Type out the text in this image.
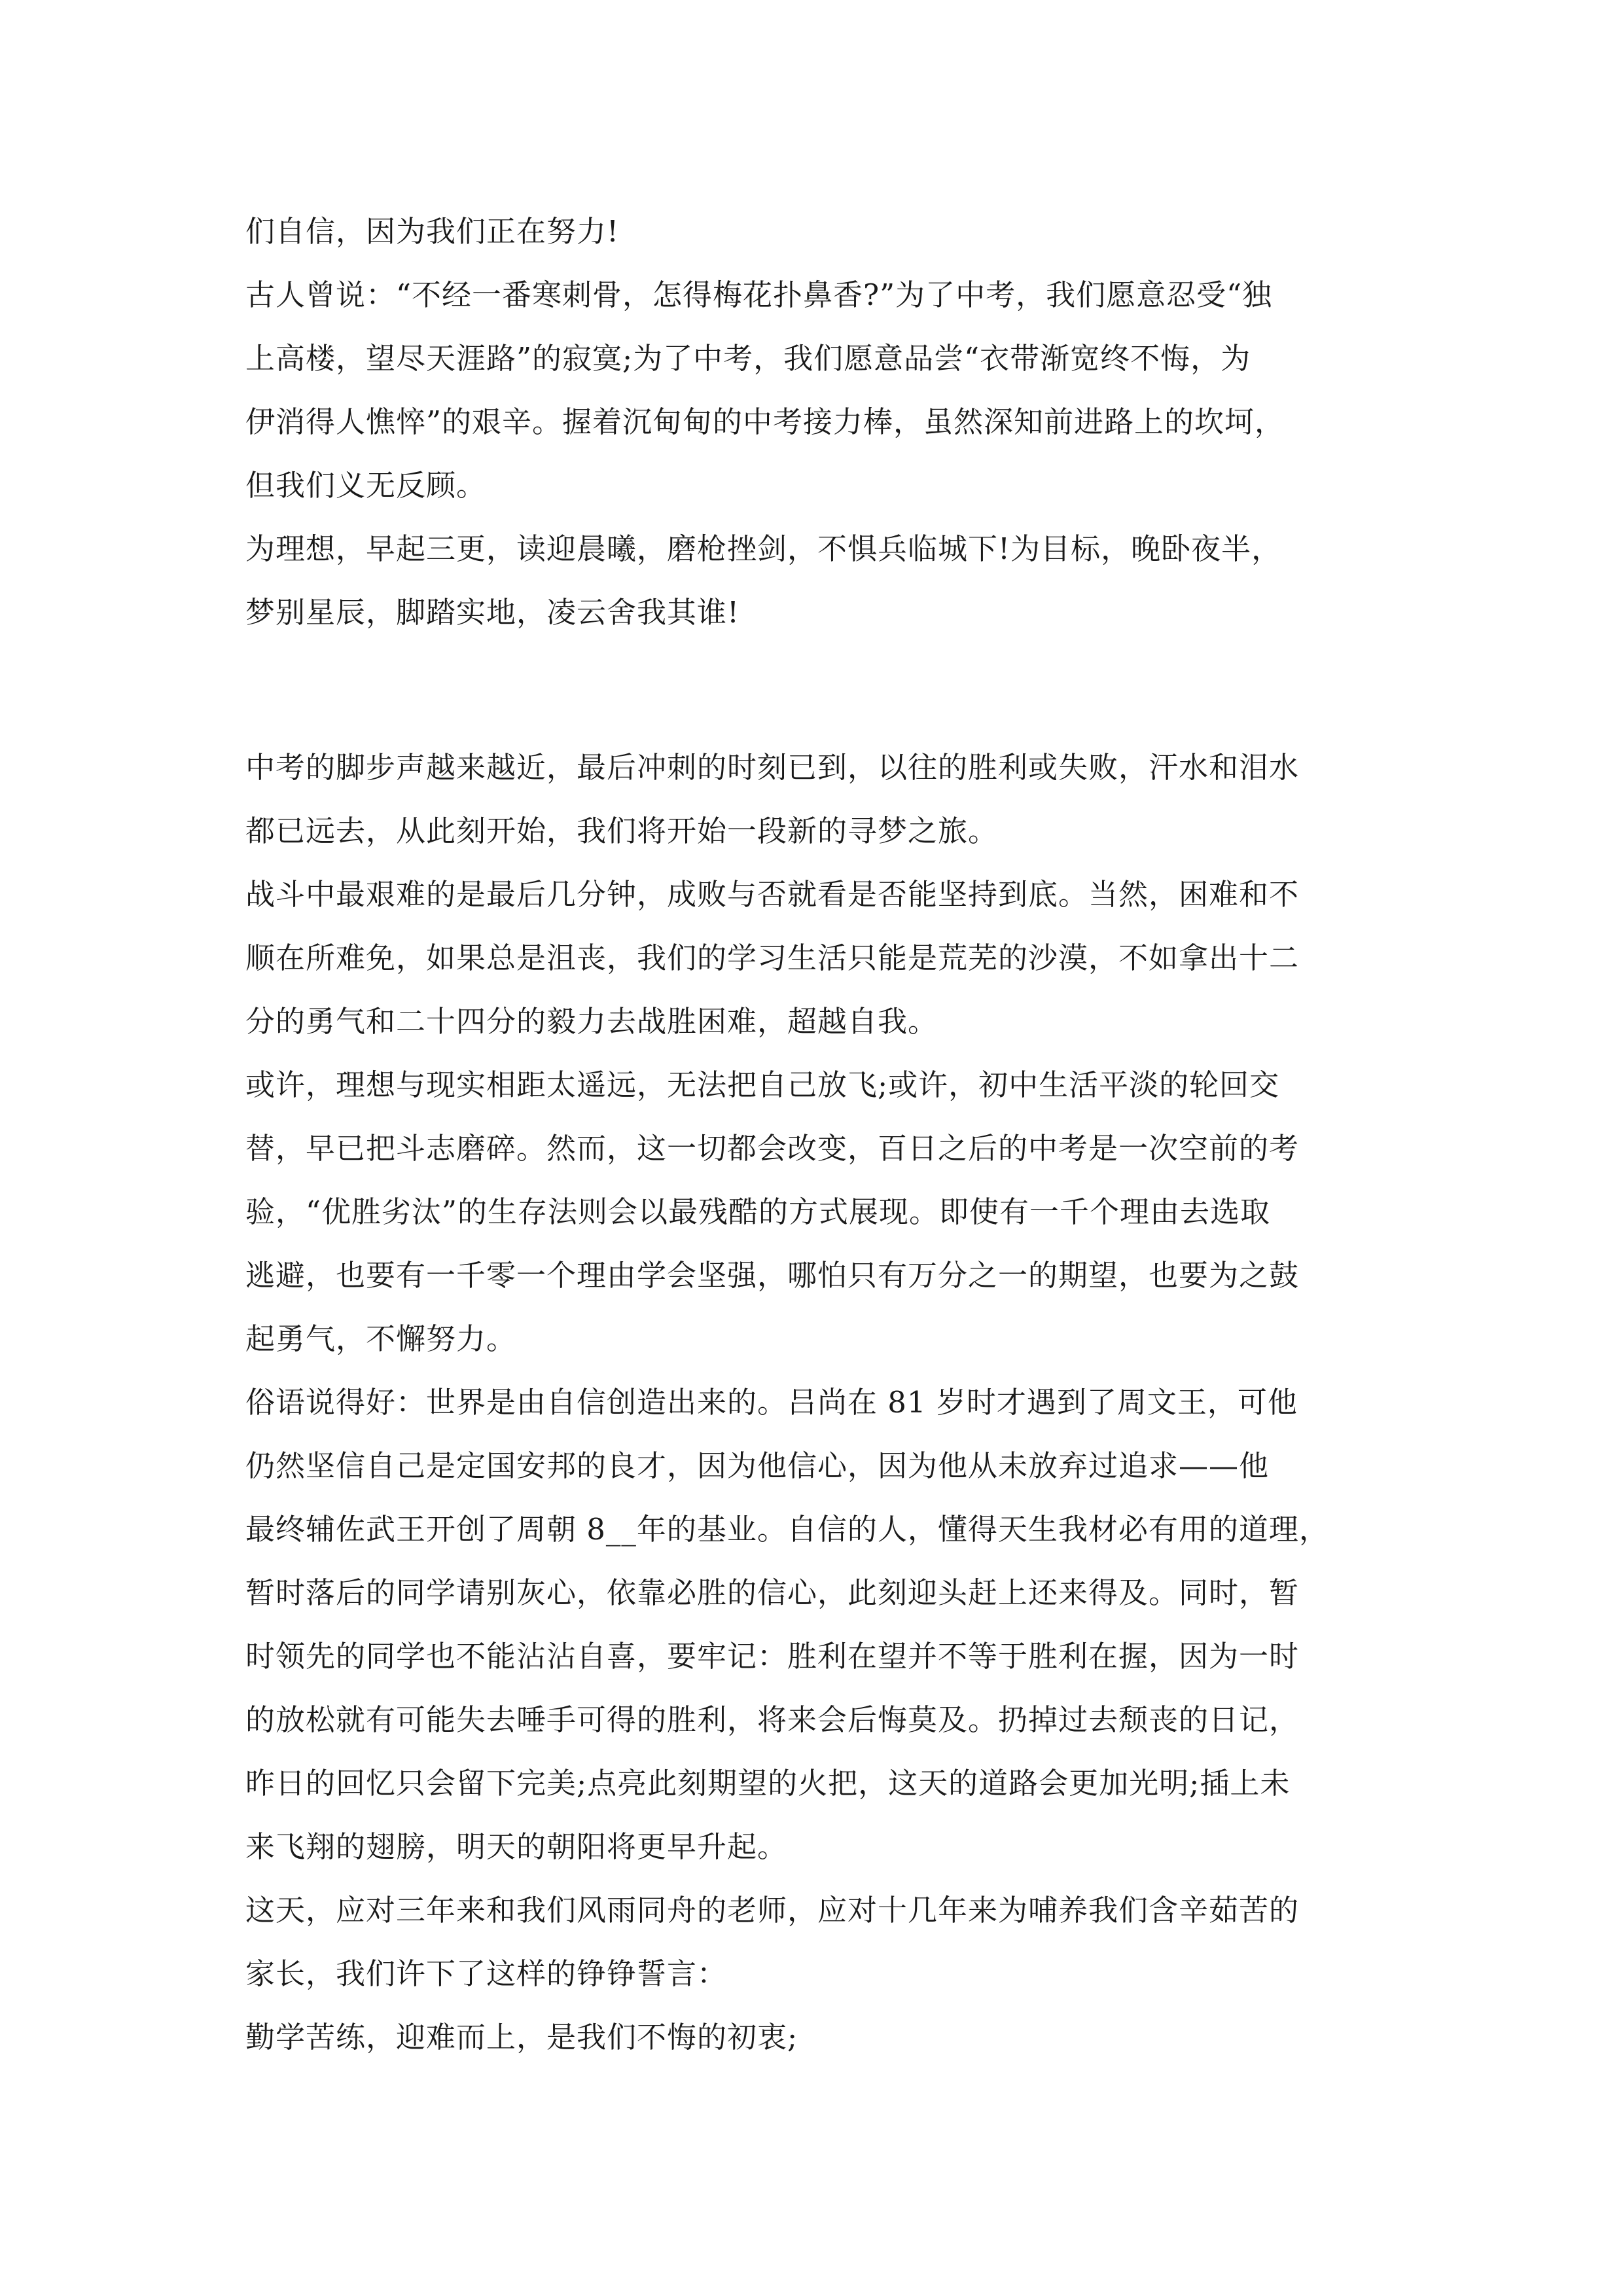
们自信，因为我们正在努力!

古人曾说：“不经一番寒刺骨，怎得梅花扑鼻香?”为了中考，我们愿意忍受“独

上高楼，望尽天涯路”的寂寞;为了中考，我们愿意品尝“衣带渐宽终不悔，为

伊消得人憔悴”的艰辛。握着沉甸甸的中考接力棒，虽然深知前进路上的坎坷，

但我们义无反顾。

为理想，早起三更，读迎晨曦，磨枪挫剑，不惧兵临城下!为目标，晚卧夜半，

梦别星辰，脚踏实地，凌云舍我其谁!

中考的脚步声越来越近，最后冲刺的时刻已到，以往的胜利或失败，汗水和泪水

都已远去，从此刻开始，我们将开始一段新的寻梦之旅。

战斗中最艰难的是最后几分钟，成败与否就看是否能坚持到底。当然，困难和不

顺在所难免，如果总是沮丧，我们的学习生活只能是荒芜的沙漠，不如拿出十二

分的勇气和二十四分的毅力去战胜困难，超越自我。

或许，理想与现实相距太遥远，无法把自己放飞;或许，初中生活平淡的轮回交

替，早已把斗志磨碎。然而，这一切都会改变，百日之后的中考是一次空前的考

验，“优胜劣汰”的生存法则会以最残酷的方式展现。即使有一千个理由去选取

逃避，也要有一千零一个理由学会坚强，哪怕只有万分之一的期望，也要为之鼓

起勇气，不懈努力。

俗语说得好：世界是由自信创造出来的。吕尚在 81 岁时才遇到了周文王，可他

仍然坚信自己是定国安邦的良才，因为他信心，因为他从未放弃过追求——他

最终辅佐武王开创了周朝 8__年的基业。自信的人，懂得天生我材必有用的道理，

暂时落后的同学请别灰心，依靠必胜的信心，此刻迎头赶上还来得及。同时，暂

时领先的同学也不能沾沾自喜，要牢记：胜利在望并不等于胜利在握，因为一时

的放松就有可能失去唾手可得的胜利，将来会后悔莫及。扔掉过去颓丧的日记，

昨日的回忆只会留下完美;点亮此刻期望的火把，这天的道路会更加光明;插上未

来飞翔的翅膀，明天的朝阳将更早升起。

这天，应对三年来和我们风雨同舟的老师，应对十几年来为哺养我们含辛茹苦的

家长，我们许下了这样的铮铮誓言：

勤学苦练，迎难而上，是我们不悔的初衷;
